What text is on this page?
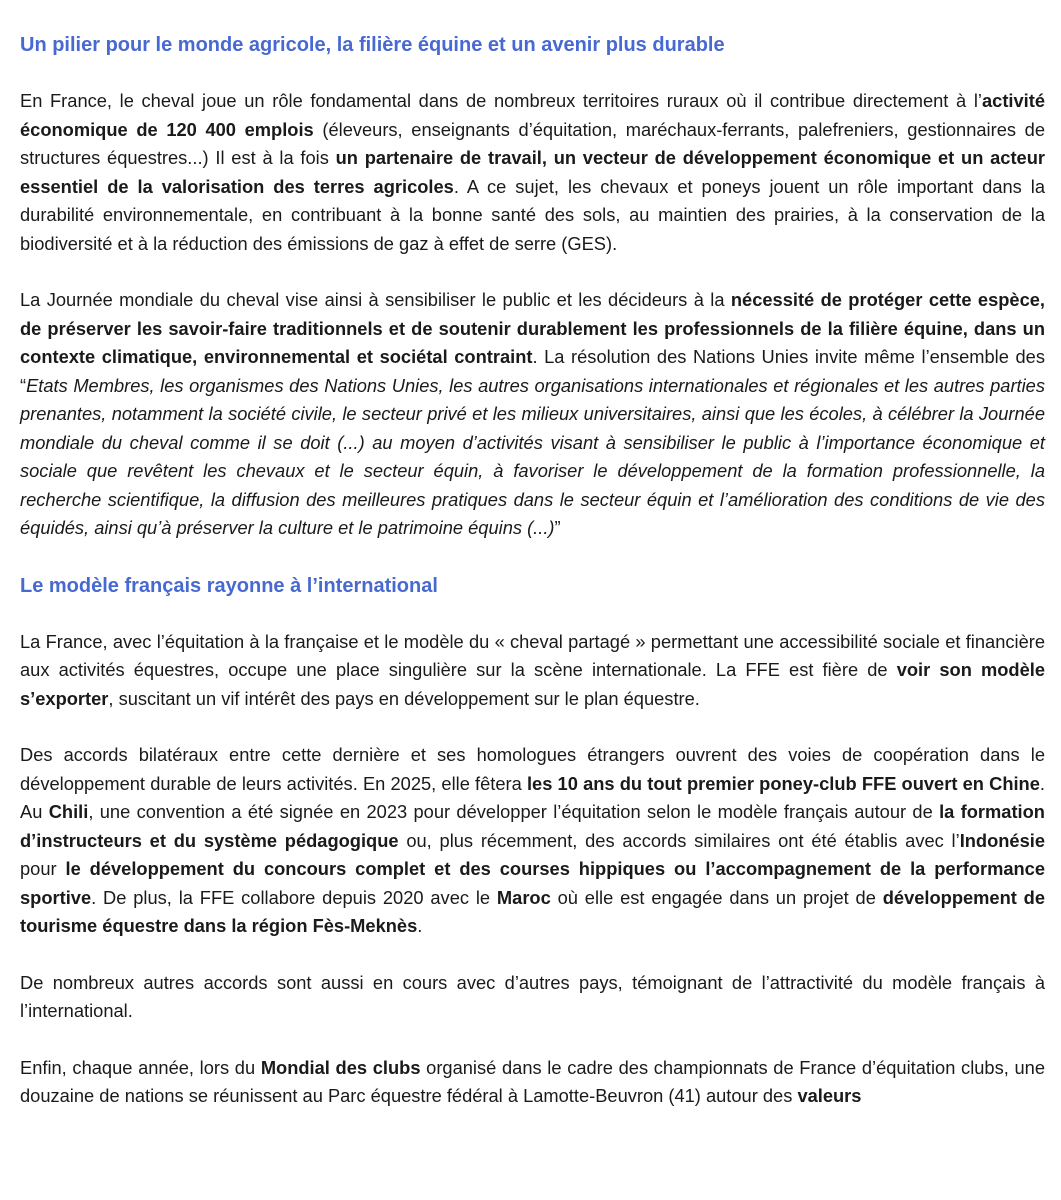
Un pilier pour le monde agricole, la filière équine et un avenir plus durable

En France, le cheval joue un rôle fondamental dans de nombreux territoires ruraux où il contribue directement à l’activité économique de 120 400 emplois (éleveurs, enseignants d’équitation, maréchaux-ferrants, palefreniers, gestionnaires de structures équestres...) Il est à la fois un partenaire de travail, un vecteur de développement économique et un acteur essentiel de la valorisation des terres agricoles. A ce sujet, les chevaux et poneys jouent un rôle important dans la durabilité environnementale, en contribuant à la bonne santé des sols, au maintien des prairies, à la conservation de la biodiversité et à la réduction des émissions de gaz à effet de serre (GES).

La Journée mondiale du cheval vise ainsi à sensibiliser le public et les décideurs à la nécessité de protéger cette espèce, de préserver les savoir-faire traditionnels et de soutenir durablement les professionnels de la filière équine, dans un contexte climatique, environnemental et sociétal contraint. La résolution des Nations Unies invite même l’ensemble des “Etats Membres, les organismes des Nations Unies, les autres organisations internationales et régionales et les autres parties prenantes, notamment la société civile, le secteur privé et les milieux universitaires, ainsi que les écoles, à célébrer la Journée mondiale du cheval comme il se doit (...) au moyen d’activités visant à sensibiliser le public à l’importance économique et sociale que revêtent les chevaux et le secteur équin, à favoriser le développement de la formation professionnelle, la recherche scientifique, la diffusion des meilleures pratiques dans le secteur équin et l’amélioration des conditions de vie des équidés, ainsi qu’à préserver la culture et le patrimoine équins (...)”

Le modèle français rayonne à l’international

La France, avec l’équitation à la française et le modèle du « cheval partagé » permettant une accessibilité sociale et financière aux activités équestres, occupe une place singulière sur la scène internationale. La FFE est fière de voir son modèle s’exporter, suscitant un vif intérêt des pays en développement sur le plan équestre.

Des accords bilatéraux entre cette dernière et ses homologues étrangers ouvrent des voies de coopération dans le développement durable de leurs activités. En 2025, elle fêtera les 10 ans du tout premier poney-club FFE ouvert en Chine. Au Chili, une convention a été signée en 2023 pour développer l’équitation selon le modèle français autour de la formation d’instructeurs et du système pédagogique ou, plus récemment, des accords similaires ont été établis avec l’Indonésie pour le développement du concours complet et des courses hippiques ou l’accompagnement de la performance sportive. De plus, la FFE collabore depuis 2020 avec le Maroc où elle est engagée dans un projet de développement de tourisme équestre dans la région Fès-Meknès.

De nombreux autres accords sont aussi en cours avec d’autres pays, témoignant de l’attractivité du modèle français à l’international.

Enfin, chaque année, lors du Mondial des clubs organisé dans le cadre des championnats de France d’équitation clubs, une douzaine de nations se réunissent au Parc équestre fédéral à Lamotte-Beuvron (41) autour des valeurs
